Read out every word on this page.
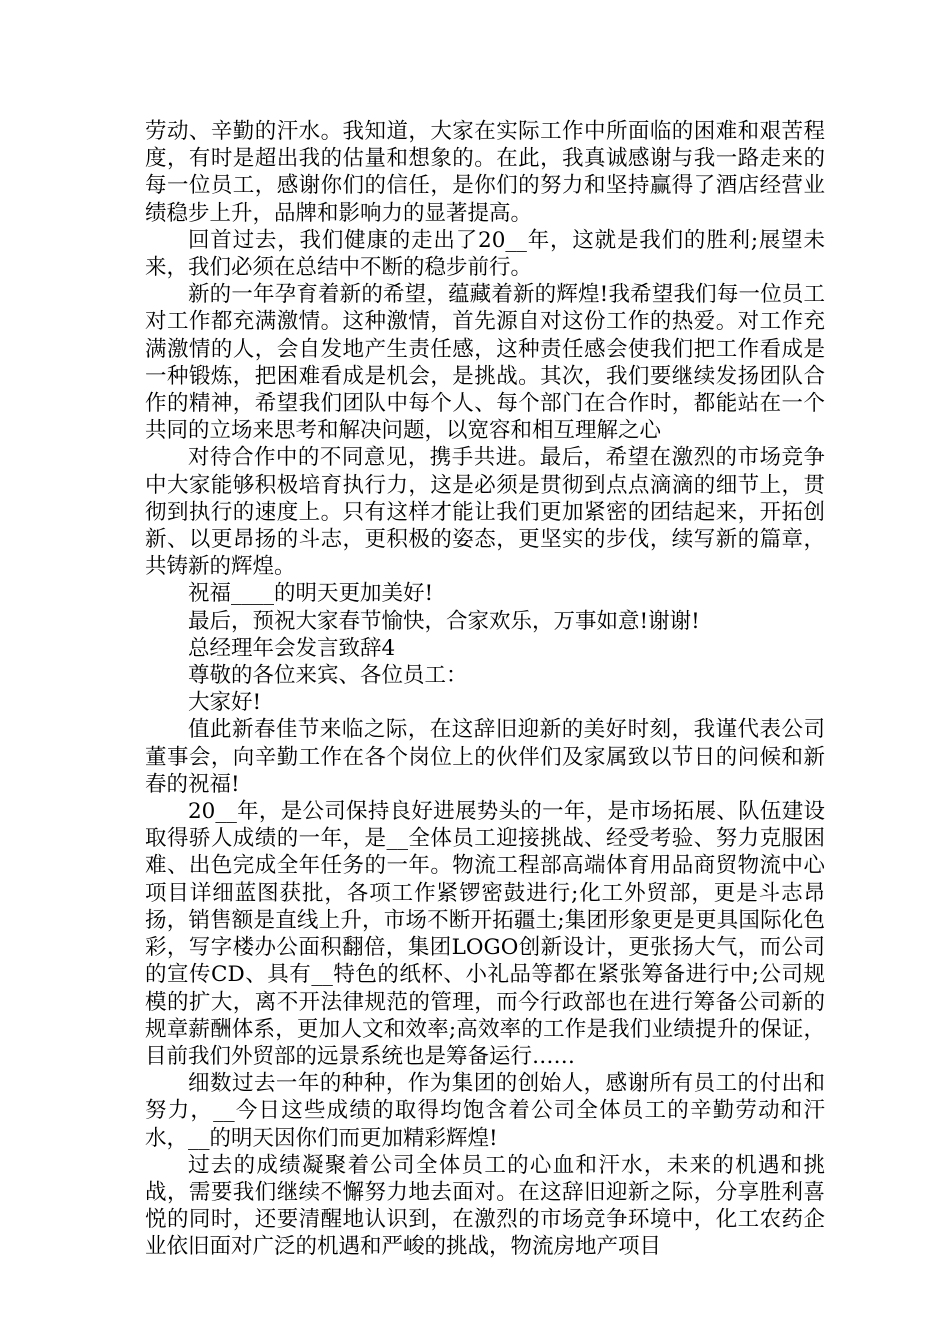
劳动、辛勤的汗水。我知道，大家在实际工作中所面临的困难和艰苦程度，有时是超出我的估量和想象的。在此，我真诚感谢与我一路走来的每一位员工，感谢你们的信任，是你们的努力和坚持赢得了酒店经营业绩稳步上升，品牌和影响力的显著提高。

回首过去，我们健康的走出了20__年，这就是我们的胜利;展望未来，我们必须在总结中不断的稳步前行。

新的一年孕育着新的希望，蕴藏着新的辉煌!我希望我们每一位员工对工作都充满激情。这种激情，首先源自对这份工作的热爱。对工作充满激情的人，会自发地产生责任感，这种责任感会使我们把工作看成是一种锻炼，把困难看成是机会，是挑战。其次，我们要继续发扬团队合作的精神，希望我们团队中每个人、每个部门在合作时，都能站在一个共同的立场来思考和解决问题，以宽容和相互理解之心

对待合作中的不同意见，携手共进。最后，希望在激烈的市场竞争中大家能够积极培育执行力，这是必须是贯彻到点点滴滴的细节上，贯彻到执行的速度上。只有这样才能让我们更加紧密的团结起来，开拓创新、以更昂扬的斗志，更积极的姿态，更坚实的步伐，续写新的篇章，共铸新的辉煌。

祝福____的明天更加美好!

最后，预祝大家春节愉快，合家欢乐，万事如意!谢谢!

总经理年会发言致辞4

尊敬的各位来宾、各位员工：

大家好!

值此新春佳节来临之际，在这辞旧迎新的美好时刻，我谨代表公司董事会，向辛勤工作在各个岗位上的伙伴们及家属致以节日的问候和新春的祝福!

20__年，是公司保持良好进展势头的一年，是市场拓展、队伍建设取得骄人成绩的一年，是__全体员工迎接挑战、经受考验、努力克服困难、出色完成全年任务的一年。物流工程部高端体育用品商贸物流中心项目详细蓝图获批，各项工作紧锣密鼓进行;化工外贸部，更是斗志昂扬，销售额是直线上升，市场不断开拓疆土;集团形象更是更具国际化色彩，写字楼办公面积翻倍，集团LOGO创新设计，更张扬大气，而公司的宣传CD、具有__特色的纸杯、小礼品等都在紧张筹备进行中;公司规模的扩大，离不开法律规范的管理，而今行政部也在进行筹备公司新的规章薪酬体系，更加人文和效率;高效率的工作是我们业绩提升的保证，目前我们外贸部的远景系统也是筹备运行……

细数过去一年的种种，作为集团的创始人，感谢所有员工的付出和努力，__今日这些成绩的取得均饱含着公司全体员工的辛勤劳动和汗水，__的明天因你们而更加精彩辉煌!

过去的成绩凝聚着公司全体员工的心血和汗水，未来的机遇和挑战，需要我们继续不懈努力地去面对。在这辞旧迎新之际，分享胜利喜悦的同时，还要清醒地认识到，在激烈的市场竞争环境中，化工农药企业依旧面对广泛的机遇和严峻的挑战，物流房地产项目
